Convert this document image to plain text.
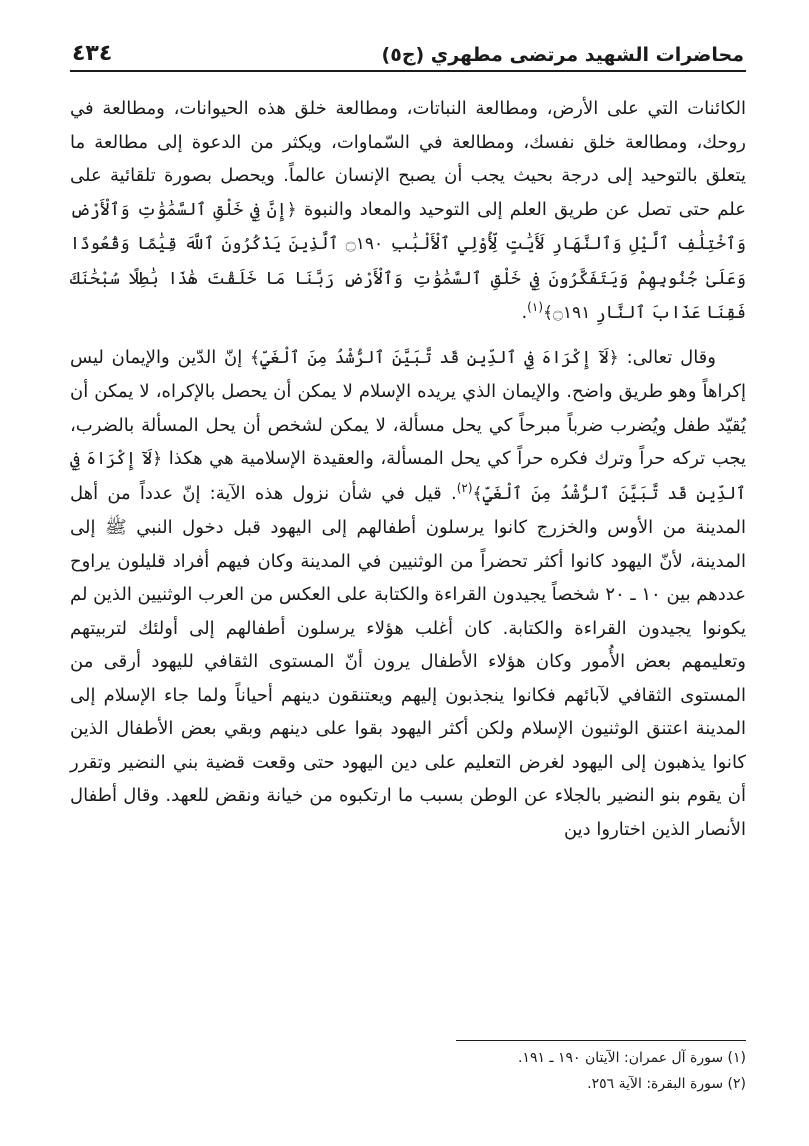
محاضرات الشهيد مرتضى مطهري (ج٥)
٤٣٤

الكائنات التي على الأرض، ومطالعة النباتات، ومطالعة خلق هذه الحيوانات، ومطالعة في روحك، ومطالعة خلق نفسك، ومطالعة في السّماوات، ويكثر من الدعوة إلى مطالعة ما يتعلق بالتوحيد إلى درجة بحيث يجب أن يصبح الإنسان عالماً. ويحصل بصورة تلقائية على علم حتى تصل عن طريق العلم إلى التوحيد والمعاد والنبوة ﴿إِنَّ فِي خَلْقِ ٱلسَّمَٰوَٰتِ وَٱلْأَرْضِ وَٱخْتِلَٰفِ ٱلَّيْلِ وَٱلنَّهَارِ لَأَيَٰتٍ لِّأُوْلِي ٱلْأَلْبَٰبِ ۝١٩٠ ٱلَّذِينَ يَذْكُرُونَ ٱللَّهَ قِيَٰمًا وَقُعُودًا وَعَلَىٰ جُنُوبِهِمْ وَيَتَفَكَّرُونَ فِي خَلْقِ ٱلسَّمَٰوَٰتِ وَٱلْأَرْضِ رَبَّنَا مَا خَلَقْتَ هَٰذَا بَٰطِلًا سُبْحَٰنَكَ فَقِنَا عَذَابَ ٱلنَّارِ ۝١٩١﴾$^{(١)}$.

وقال تعالى: ﴿لَآ إِكْرَاهَ فِي ٱلدِّينِ قَد تَّبَيَّنَ ٱلرُّشْدُ مِنَ ٱلْغَيِّ﴾ إنّ الدّين والإيمان ليس إكراهاً وهو طريق واضح. والإيمان الذي يريده الإسلام لا يمكن أن يحصل بالإكراه، لا يمكن أن يُقيّد طفل ويُضرب ضرباً مبرحاً كي يحل مسألة، لا يمكن لشخص أن يحل المسألة بالضرب، يجب تركه حراً وترك فكره حراً كي يحل المسألة، والعقيدة الإسلامية هي هكذا ﴿لَآ إِكْرَاهَ فِي ٱلدِّينِ قَد تَّبَيَّنَ ٱلرُّشْدُ مِنَ ٱلْغَيِّ﴾$^{(٢)}$. قيل في شأن نزول هذه الآية: إنّ عدداً من أهل المدينة من الأوس والخزرج كانوا يرسلون أطفالهم إلى اليهود قبل دخول النبي ﷺ إلى المدينة، لأنّ اليهود كانوا أكثر تحضراً من الوثنيين في المدينة وكان فيهم أفراد قليلون يراوح عددهم بين ١٠ ـ ٢٠ شخصاً يجيدون القراءة والكتابة على العكس من العرب الوثنيين الذين لم يكونوا يجيدون القراءة والكتابة. كان أغلب هؤلاء يرسلون أطفالهم إلى أولئك لتربيتهم وتعليمهم بعض الأُمور وكان هؤلاء الأطفال يرون أنّ المستوى الثقافي لليهود أرقى من المستوى الثقافي لآبائهم فكانوا ينجذبون إليهم ويعتنقون دينهم أحياناً ولما جاء الإسلام إلى المدينة اعتنق الوثنيون الإسلام ولكن أكثر اليهود بقوا على دينهم وبقي بعض الأطفال الذين كانوا يذهبون إلى اليهود لغرض التعليم على دين اليهود حتى وقعت قضية بني النضير وتقرر أن يقوم بنو النضير بالجلاء عن الوطن بسبب ما ارتكبوه من خيانة ونقض للعهد. وقال أطفال الأنصار الذين اختاروا دين

(١) سورة آل عمران: الآيتان ١٩٠ ـ ١٩١.
(٢) سورة البقرة: الآية ٢٥٦.
